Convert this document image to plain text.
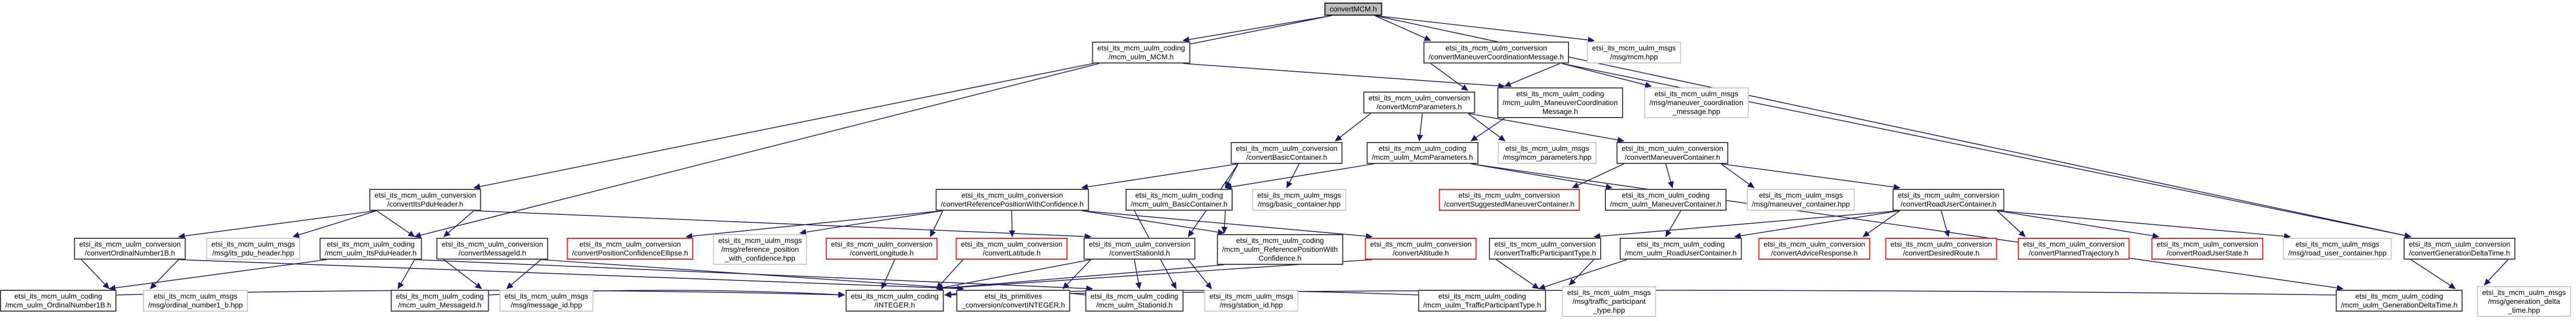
convertMCM.h
etsi_its_mcm_uulm_coding
/mcm_uulm_MCM.h
etsi_its_mcm_uulm_conversion
/convertManeuverCoordinationMessage.h
etsi_its_mcm_uulm_msgs
/msg/mcm.hpp
etsi_its_mcm_uulm_conversion
/convertMcmParameters.h
etsi_its_mcm_uulm_coding
/mcm_uulm_ManeuverCoordination
Message.h
etsi_its_mcm_uulm_msgs
/msg/maneuver_coordination
_message.hpp
etsi_its_mcm_uulm_conversion
/convertBasicContainer.h
etsi_its_mcm_uulm_coding
/mcm_uulm_McmParameters.h
etsi_its_mcm_uulm_msgs
/msg/mcm_parameters.hpp
etsi_its_mcm_uulm_conversion
/convertManeuverContainer.h
etsi_its_mcm_uulm_conversion
/convertItsPduHeader.h
etsi_its_mcm_uulm_conversion
/convertReferencePositionWithConfidence.h
etsi_its_mcm_uulm_coding
/mcm_uulm_BasicContainer.h
etsi_its_mcm_uulm_msgs
/msg/basic_container.hpp
etsi_its_mcm_uulm_conversion
/convertSuggestedManeuverContainer.h
etsi_its_mcm_uulm_coding
/mcm_uulm_ManeuverContainer.h
etsi_its_mcm_uulm_msgs
/msg/maneuver_container.hpp
etsi_its_mcm_uulm_conversion
/convertRoadUserContainer.h
etsi_its_mcm_uulm_conversion
/convertOrdinalNumber1B.h
etsi_its_mcm_uulm_msgs
/msg/its_pdu_header.hpp
etsi_its_mcm_uulm_coding
/mcm_uulm_ItsPduHeader.h
etsi_its_mcm_uulm_conversion
/convertMessageId.h
etsi_its_mcm_uulm_conversion
/convertPositionConfidenceEllipse.h
etsi_its_mcm_uulm_msgs
/msg/reference_position
_with_confidence.hpp
etsi_its_mcm_uulm_conversion
/convertLongitude.h
etsi_its_mcm_uulm_conversion
/convertLatitude.h
etsi_its_mcm_uulm_conversion
/convertStationId.h
etsi_its_mcm_uulm_coding
/mcm_uulm_ReferencePositionWith
Confidence.h
etsi_its_mcm_uulm_conversion
/convertAltitude.h
etsi_its_mcm_uulm_conversion
/convertTrafficParticipantType.h
etsi_its_mcm_uulm_coding
/mcm_uulm_RoadUserContainer.h
etsi_its_mcm_uulm_conversion
/convertAdviceResponse.h
etsi_its_mcm_uulm_conversion
/convertDesiredRoute.h
etsi_its_mcm_uulm_conversion
/convertPlannedTrajectory.h
etsi_its_mcm_uulm_conversion
/convertRoadUserState.h
etsi_its_mcm_uulm_msgs
/msg/road_user_container.hpp
etsi_its_mcm_uulm_conversion
/convertGenerationDeltaTime.h
etsi_its_mcm_uulm_coding
/mcm_uulm_OrdinalNumber1B.h
etsi_its_mcm_uulm_msgs
/msg/ordinal_number1_b.hpp
etsi_its_mcm_uulm_coding
/mcm_uulm_MessageId.h
etsi_its_mcm_uulm_msgs
/msg/message_id.hpp
etsi_its_mcm_uulm_coding
/INTEGER.h
etsi_its_primitives
_conversion/convertINTEGER.h
etsi_its_mcm_uulm_coding
/mcm_uulm_StationId.h
etsi_its_mcm_uulm_msgs
/msg/station_id.hpp
etsi_its_mcm_uulm_coding
/mcm_uulm_TrafficParticipantType.h
etsi_its_mcm_uulm_msgs
/msg/traffic_participant
_type.hpp
etsi_its_mcm_uulm_coding
/mcm_uulm_GenerationDeltaTime.h
etsi_its_mcm_uulm_msgs
/msg/generation_delta
_time.hpp
